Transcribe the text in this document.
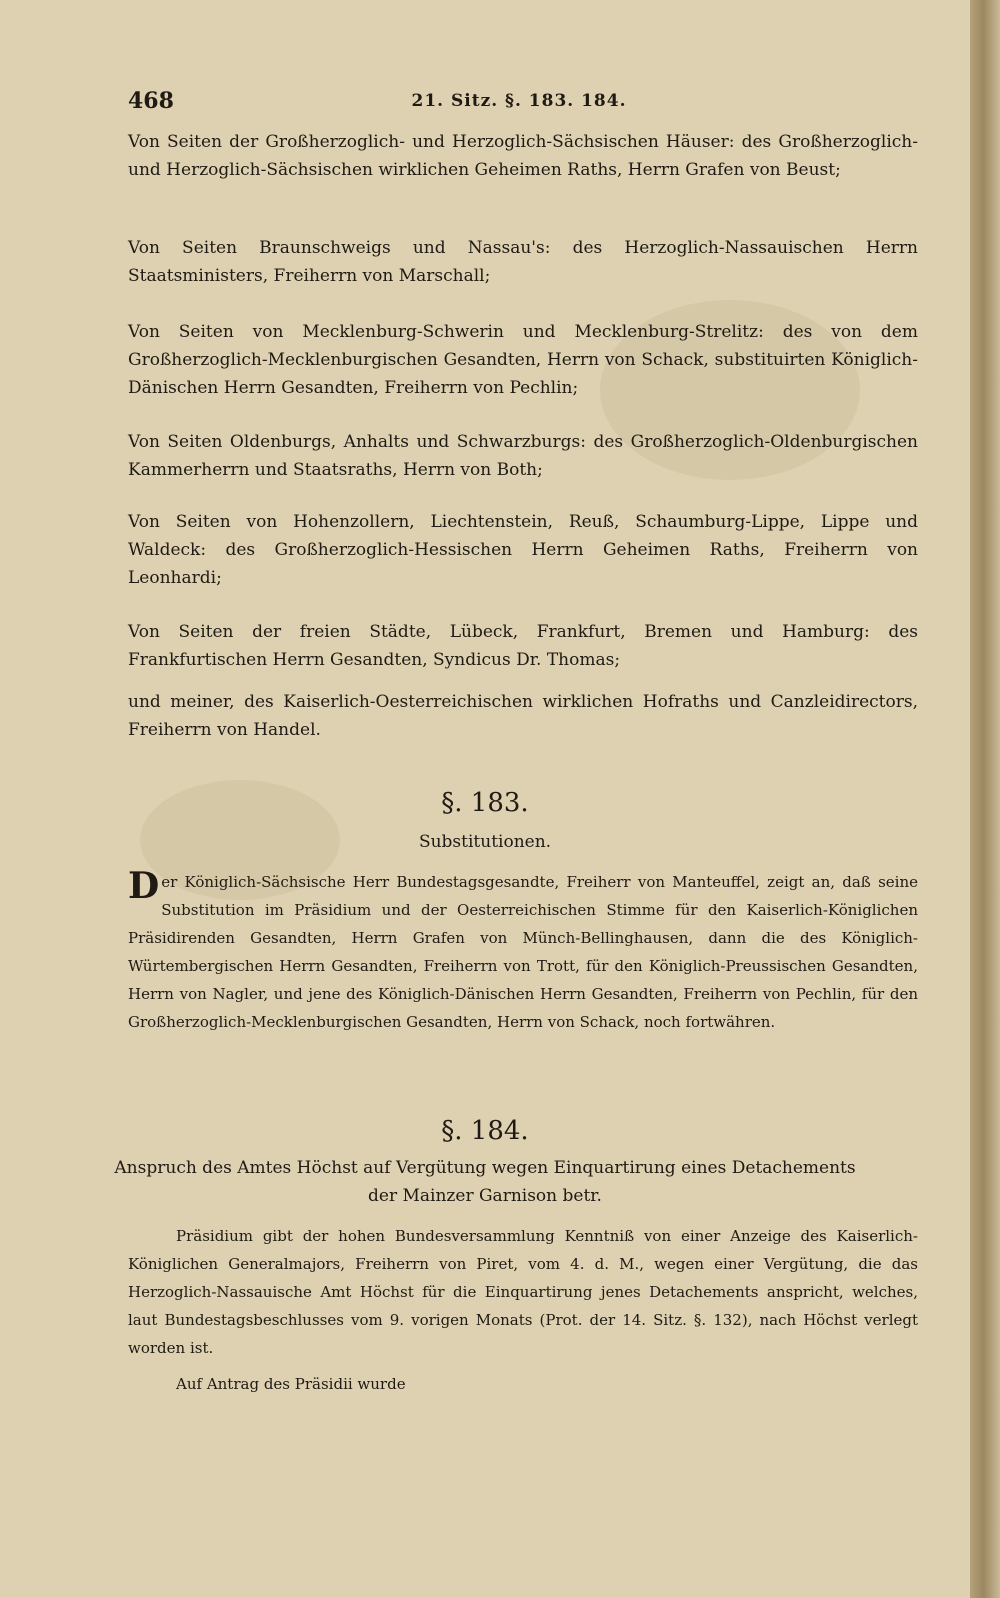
468	21. Sitz. §. 183. 184.

Von Seiten der Großherzoglich- und Herzoglich-Sächsischen Häuser: des Großherzoglich- und Herzoglich-Sächsischen wirklichen Geheimen Raths, Herrn Grafen von Beust;

Von Seiten Braunschweigs und Nassau's: des Herzoglich-Nassauischen Herrn Staatsministers, Freiherrn von Marschall;

Von Seiten von Mecklenburg-Schwerin und Mecklenburg-Strelitz: des von dem Großherzoglich-Mecklenburgischen Gesandten, Herrn von Schack, substituirten Königlich-Dänischen Herrn Gesandten, Freiherrn von Pechlin;

Von Seiten Oldenburgs, Anhalts und Schwarzburgs: des Großherzoglich-Oldenburgischen Kammerherrn und Staatsraths, Herrn von Both;

Von Seiten von Hohenzollern, Liechtenstein, Reuß, Schaumburg-Lippe, Lippe und Waldeck: des Großherzoglich-Hessischen Herrn Geheimen Raths, Freiherrn von Leonhardi;

Von Seiten der freien Städte, Lübeck, Frankfurt, Bremen und Hamburg: des Frankfurtischen Herrn Gesandten, Syndicus Dr. Thomas;

und meiner, des Kaiserlich-Oesterreichischen wirklichen Hofraths und Canzleidirectors, Freiherrn von Handel.

§. 183.
Substitutionen.
D er Königlich-Sächsische Herr Bundestagsgesandte, Freiherr von Manteuffel, zeigt an, daß seine Substitution im Präsidium und der Oesterreichischen Stimme für den Kaiserlich-Königlichen Präsidirenden Gesandten, Herrn Grafen von Münch-Bellinghausen, dann die des Königlich-Würtembergischen Herrn Gesandten, Freiherrn von Trott, für den Königlich-Preussischen Gesandten, Herrn von Nagler, und jene des Königlich-Dänischen Herrn Gesandten, Freiherrn von Pechlin, für den Großherzoglich-Mecklenburgischen Gesandten, Herrn von Schack, noch fortwähren.
§. 184.
Anspruch des Amtes Höchst auf Vergütung wegen Einquartirung eines Detachements
der Mainzer Garnison betr.

Präsidium gibt der hohen Bundesversammlung Kenntniß von einer Anzeige des Kaiserlich-Königlichen Generalmajors, Freiherrn von Piret, vom 4. d. M., wegen einer Vergütung, die das Herzoglich-Nassauische Amt Höchst für die Einquartirung jenes Detachements anspricht, welches, laut Bundestagsbeschlusses vom 9. vorigen Monats (Prot. der 14. Sitz. §. 132), nach Höchst verlegt worden ist.

Auf Antrag des Präsidii wurde
